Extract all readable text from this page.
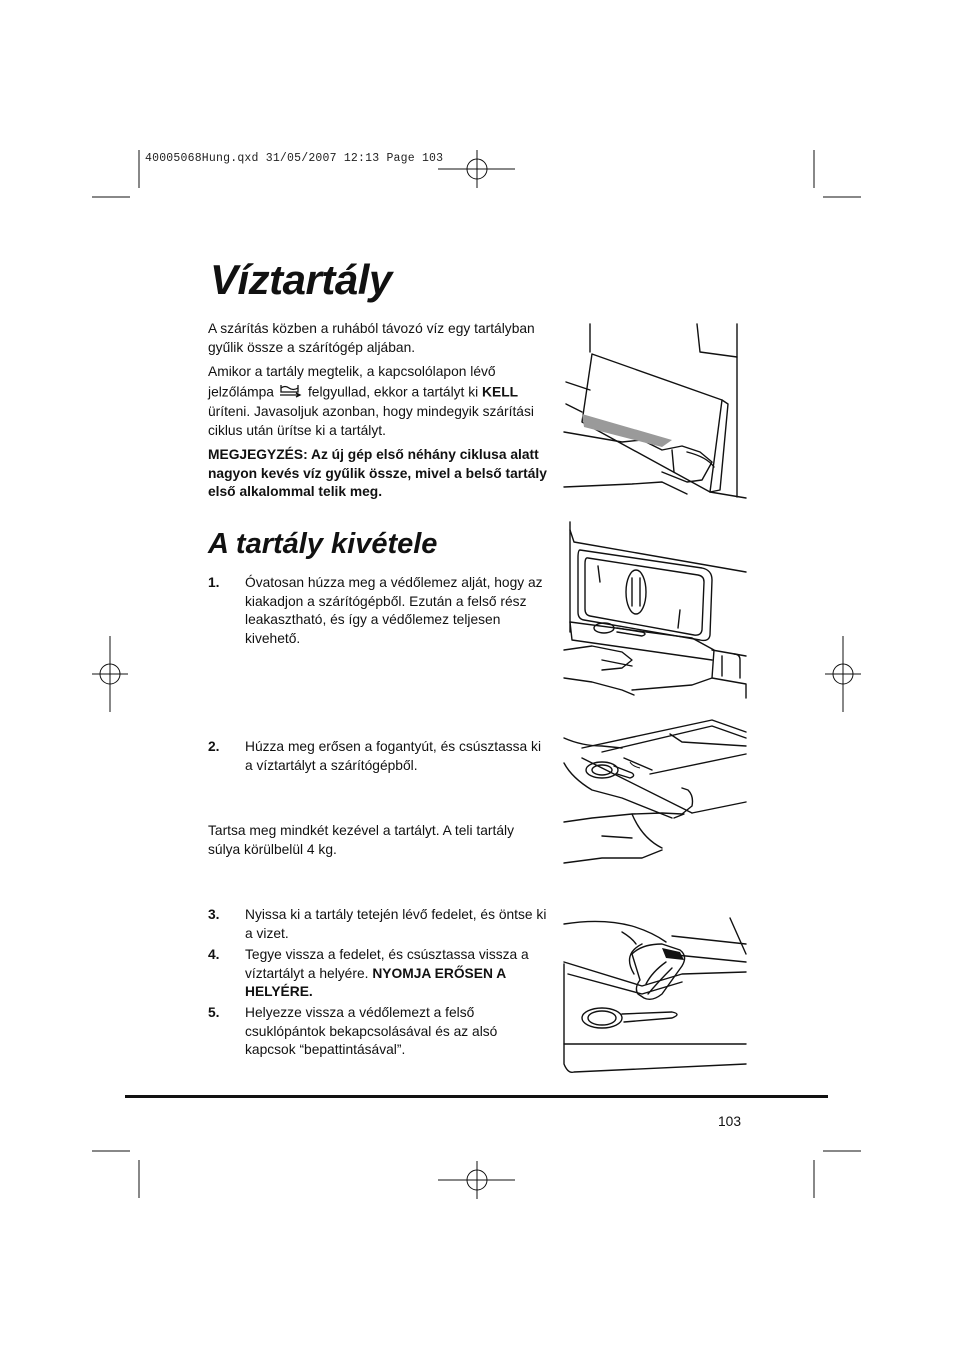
40005068Hung.qxd 31/05/2007 12:13 Page 103
Víztartály

A szárítás közben a ruhából távozó víz egy tartályban gyűlik össze a szárítógép aljában.

Amikor a tartály megtelik, a kapcsolólapon lévő jelzőlámpa felgyullad, ekkor a tartályt ki KELL üríteni. Javasoljuk azonban, hogy mindegyik szárítási ciklus után ürítse ki a tartályt.

MEGJEGYZÉS: Az új gép első néhány ciklusa alatt nagyon kevés víz gyűlik össze, mivel a belső tartály első alkalommal telik meg.

A tartály kivétele
1. Óvatosan húzza meg a védőlemez alját, hogy az kiakadjon a szárítógépből. Ezután a felső rész leakasztható, és így a védőlemez teljesen kivehető.

2. Húzza meg erősen a fogantyút, és csúsztassa ki a víztartályt a szárítógépből.

Tartsa meg mindkét kezével a tartályt. A teli tartály súlya körülbelül 4 kg.

3. Nyissa ki a tartály tetején lévő fedelet, és öntse ki a vizet.

4. Tegye vissza a fedelet, és csúsztassa vissza a víztartályt a helyére. NYOMJA ERŐSEN A HELYÉRE.

5. Helyezze vissza a védőlemezt a felső csuklópántok bekapcsolásával és az alsó kapcsok “bepattintásával”.

103
